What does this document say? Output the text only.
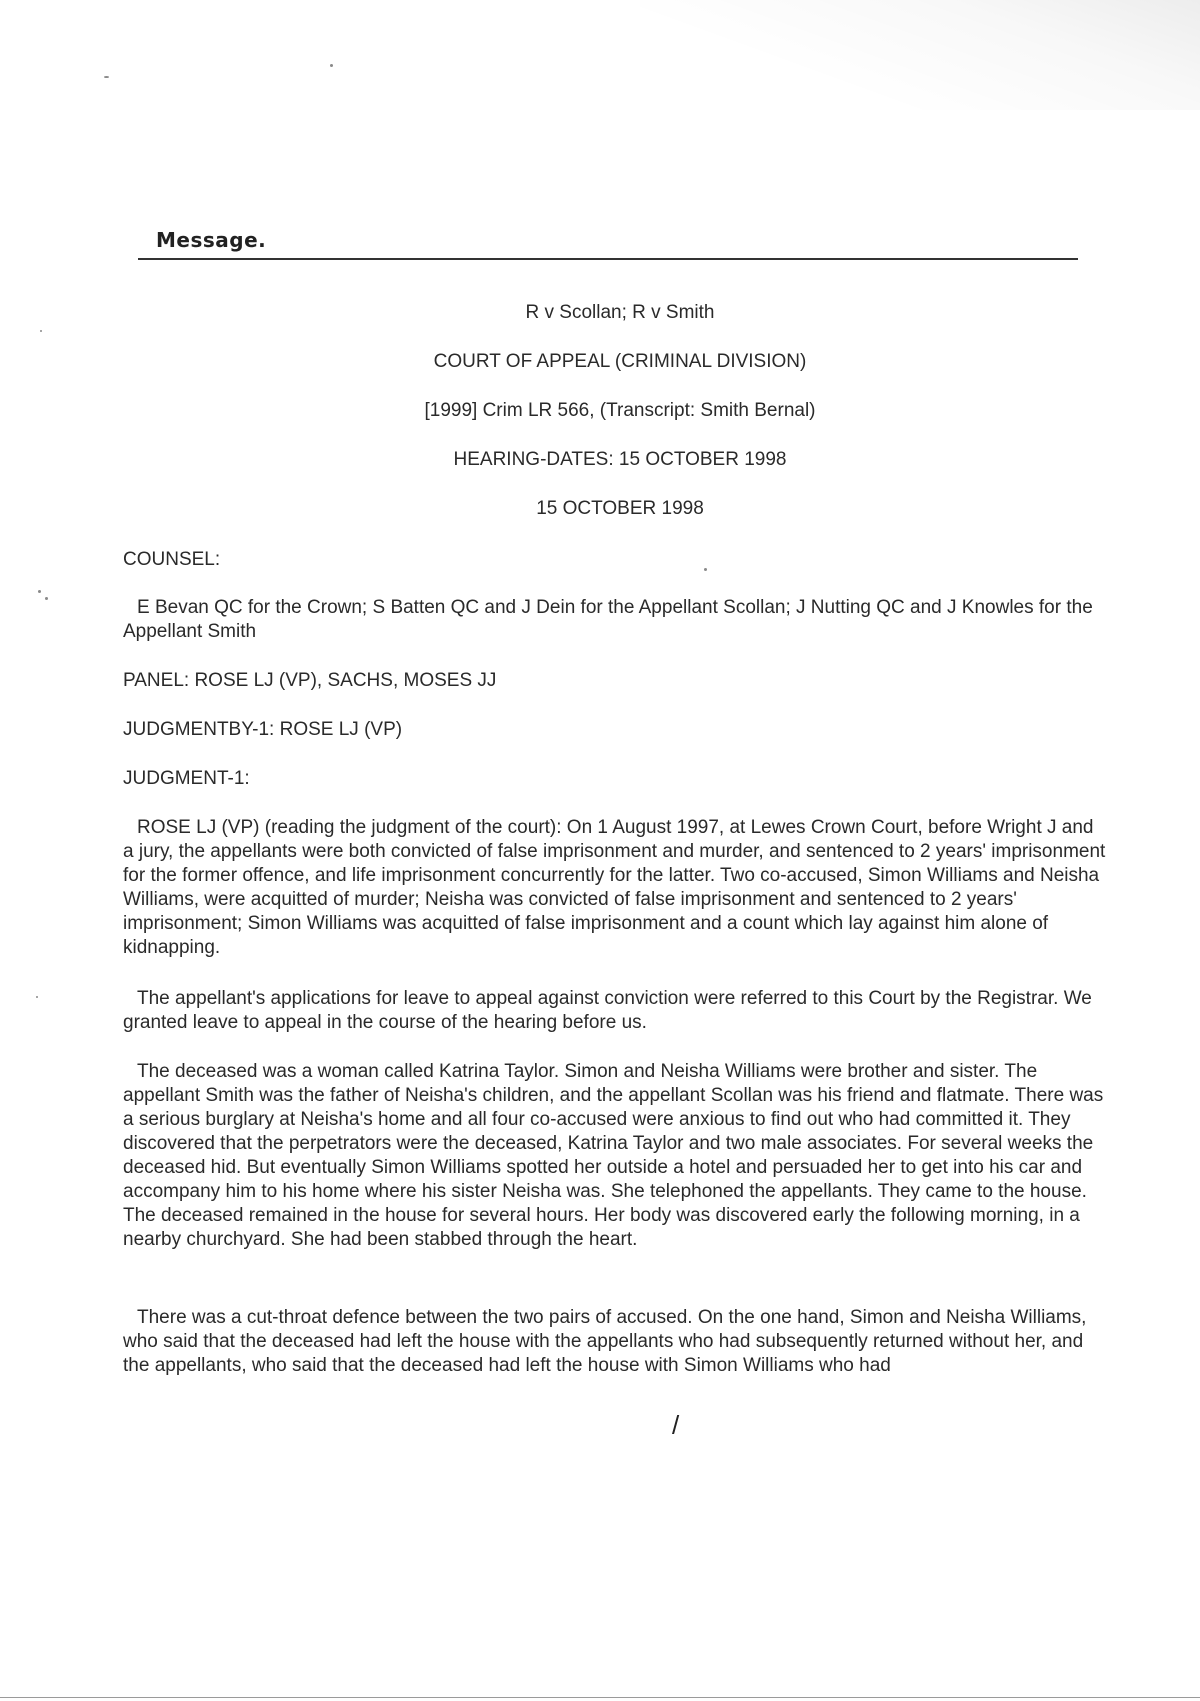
Message.
R v Scollan; R v Smith
COURT OF APPEAL (CRIMINAL DIVISION)
[1999] Crim LR 566, (Transcript: Smith Bernal)
HEARING-DATES: 15 OCTOBER 1998
15 OCTOBER 1998
COUNSEL:
E Bevan QC for the Crown; S Batten QC and J Dein for the Appellant Scollan; J Nutting QC and J Knowles for the Appellant Smith
PANEL: ROSE LJ (VP), SACHS, MOSES JJ
JUDGMENTBY-1: ROSE LJ (VP)
JUDGMENT-1:
ROSE LJ (VP) (reading the judgment of the court): On 1 August 1997, at Lewes Crown Court, before Wright J and a jury, the appellants were both convicted of false imprisonment and murder, and sentenced to 2 years' imprisonment for the former offence, and life imprisonment concurrently for the latter. Two co-accused, Simon Williams and Neisha Williams, were acquitted of murder; Neisha was convicted of false imprisonment and sentenced to 2 years' imprisonment; Simon Williams was acquitted of false imprisonment and a count which lay against him alone of kidnapping.
The appellant's applications for leave to appeal against conviction were referred to this Court by the Registrar. We granted leave to appeal in the course of the hearing before us.
The deceased was a woman called Katrina Taylor. Simon and Neisha Williams were brother and sister. The appellant Smith was the father of Neisha's children, and the appellant Scollan was his friend and flatmate. There was a serious burglary at Neisha's home and all four co-accused were anxious to find out who had committed it. They discovered that the perpetrators were the deceased, Katrina Taylor and two male associates. For several weeks the deceased hid. But eventually Simon Williams spotted her outside a hotel and persuaded her to get into his car and accompany him to his home where his sister Neisha was. She telephoned the appellants. They came to the house. The deceased remained in the house for several hours. Her body was discovered early the following morning, in a nearby churchyard. She had been stabbed through the heart.
There was a cut-throat defence between the two pairs of accused. On the one hand, Simon and Neisha Williams, who said that the deceased had left the house with the appellants who had subsequently returned without her, and the appellants, who said that the deceased had left the house with Simon Williams who had
/
